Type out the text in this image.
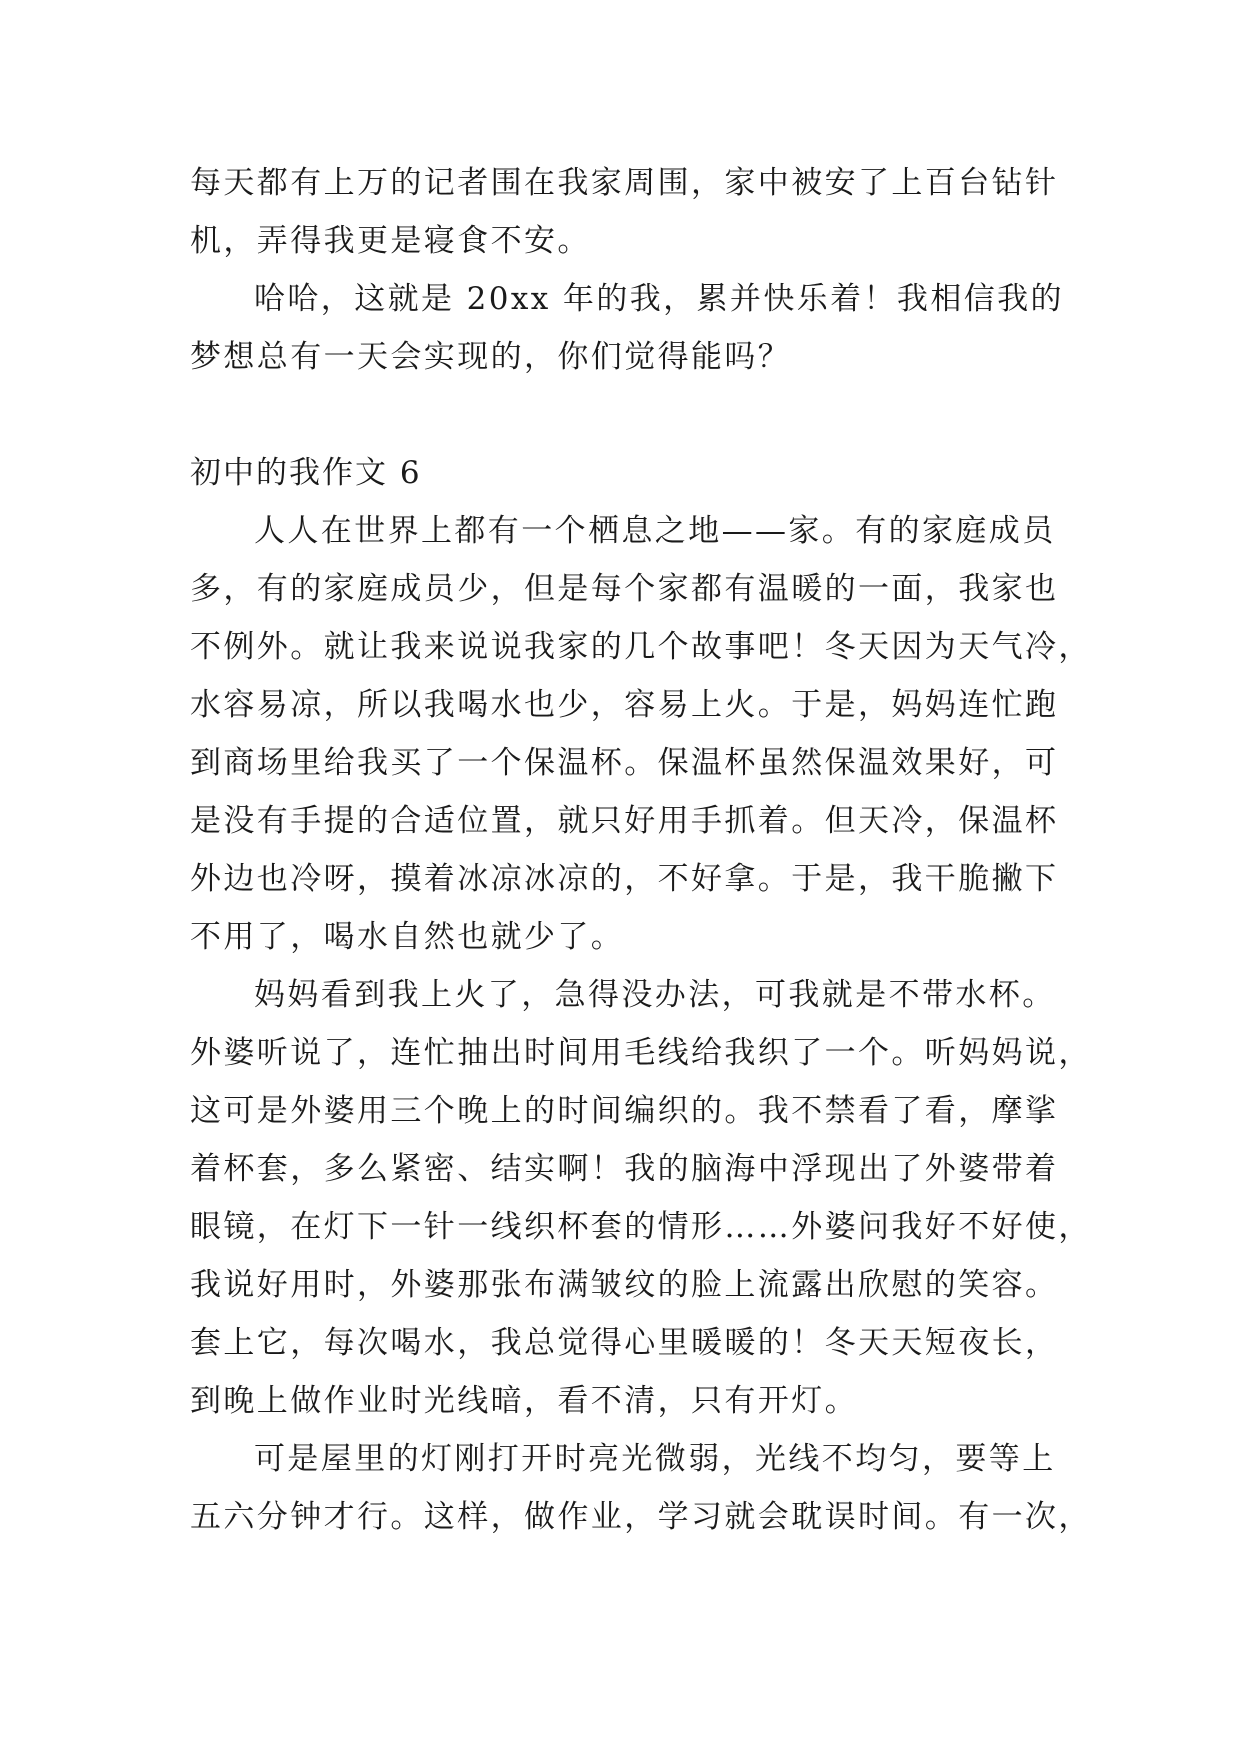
每天都有上万的记者围在我家周围，家中被安了上百台钻针
机，弄得我更是寝食不安。

哈哈，这就是 20xx 年的我，累并快乐着！我相信我的
梦想总有一天会实现的，你们觉得能吗？

初中的我作文 6

人人在世界上都有一个栖息之地——家。有的家庭成员
多，有的家庭成员少，但是每个家都有温暖的一面，我家也
不例外。就让我来说说我家的几个故事吧！冬天因为天气冷，
水容易凉，所以我喝水也少，容易上火。于是，妈妈连忙跑
到商场里给我买了一个保温杯。保温杯虽然保温效果好，可
是没有手提的合适位置，就只好用手抓着。但天冷，保温杯
外边也冷呀，摸着冰凉冰凉的，不好拿。于是，我干脆撇下
不用了，喝水自然也就少了。

妈妈看到我上火了，急得没办法，可我就是不带水杯。
外婆听说了，连忙抽出时间用毛线给我织了一个。听妈妈说，
这可是外婆用三个晚上的时间编织的。我不禁看了看，摩挲
着杯套，多么紧密、结实啊！我的脑海中浮现出了外婆带着
眼镜，在灯下一针一线织杯套的情形……外婆问我好不好使，
我说好用时，外婆那张布满皱纹的脸上流露出欣慰的笑容。
套上它，每次喝水，我总觉得心里暖暖的！冬天天短夜长，
到晚上做作业时光线暗，看不清，只有开灯。

可是屋里的灯刚打开时亮光微弱，光线不均匀，要等上
五六分钟才行。这样，做作业，学习就会耽误时间。有一次，
